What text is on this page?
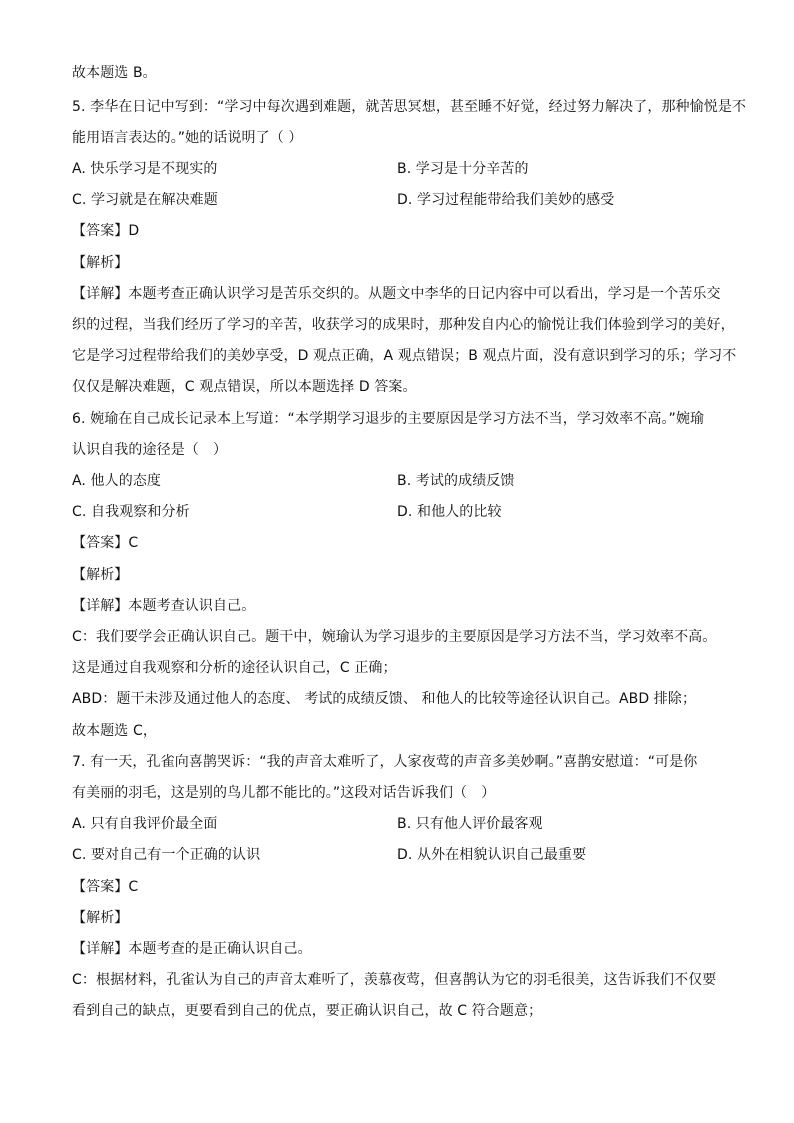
故本题选 B。
5. 李华在日记中写到：“学习中每次遇到难题，就苦思冥想，甚至睡不好觉，经过努力解决了，那种愉悦是不
能用语言表达的。”她的话说明了（ ）
A. 快乐学习是不现实的	B. 学习是十分辛苦的
C. 学习就是在解决难题	D. 学习过程能带给我们美妙的感受
【答案】D
【解析】
【详解】本题考查正确认识学习是苦乐交织的。从题文中李华的日记内容中可以看出，学习是一个苦乐交
织的过程，当我们经历了学习的辛苦，收获学习的成果时，那种发自内心的愉悦让我们体验到学习的美好，
它是学习过程带给我们的美妙享受，D 观点正确，A 观点错误；B 观点片面，没有意识到学习的乐；学习不
仅仅是解决难题，C 观点错误，所以本题选择 D 答案。
6. 婉瑜在自己成长记录本上写道：“本学期学习退步的主要原因是学习方法不当，学习效率不高。”婉瑜
认识自我的途径是（　）
A. 他人的态度	B. 考试的成绩反馈
C. 自我观察和分析	D. 和他人的比较
【答案】C
【解析】
【详解】本题考查认识自己。
C：我们要学会正确认识自己。题干中，婉瑜认为学习退步的主要原因是学习方法不当，学习效率不高。
这是通过自我观察和分析的途径认识自己，C 正确；
ABD：题干未涉及通过他人的态度、 考试的成绩反馈、 和他人的比较等途径认识自己。ABD 排除；
故本题选 C，
7. 有一天，孔雀向喜鹊哭诉：“我的声音太难听了，人家夜莺的声音多美妙啊。”喜鹊安慰道：“可是你
有美丽的羽毛，这是别的鸟儿都不能比的。”这段对话告诉我们（　）
A. 只有自我评价最全面	B. 只有他人评价最客观
C. 要对自己有一个正确的认识	D. 从外在相貌认识自己最重要
【答案】C
【解析】
【详解】本题考查的是正确认识自己。
C：根据材料，孔雀认为自己的声音太难听了，羡慕夜莺，但喜鹊认为它的羽毛很美，这告诉我们不仅要
看到自己的缺点，更要看到自己的优点，要正确认识自己，故 C 符合题意；
